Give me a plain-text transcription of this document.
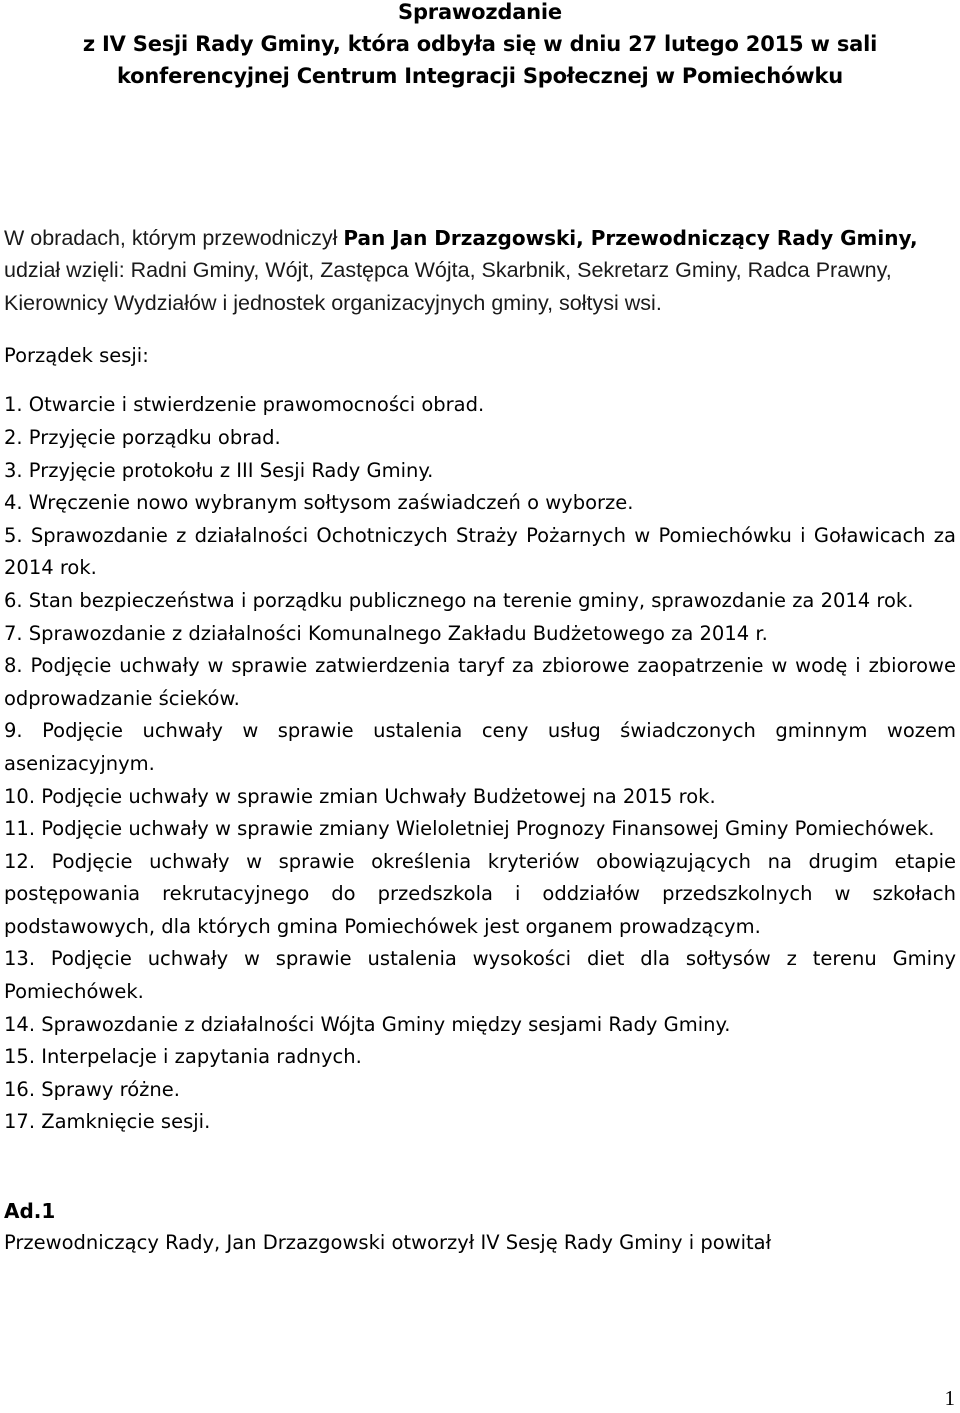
Sprawozdanie
z IV Sesji Rady Gminy, która odbyła się w dniu 27 lutego 2015 w sali
konferencyjnej Centrum Integracji Społecznej w Pomiechówku

W obradach, którym przewodniczył Pan Jan Drzazgowski, Przewodniczący Rady Gminy, udział wzięli: Radni Gminy, Wójt, Zastępca Wójta, Skarbnik, Sekretarz Gminy, Radca Prawny, Kierownicy Wydziałów i jednostek organizacyjnych gminy, sołtysi wsi.

Porządek sesji:
1. Otwarcie i stwierdzenie prawomocności obrad.
2. Przyjęcie porządku obrad.
3. Przyjęcie protokołu z III Sesji Rady Gminy.
4. Wręczenie nowo wybranym sołtysom zaświadczeń o wyborze.
5. Sprawozdanie z działalności Ochotniczych Straży Pożarnych w Pomiechówku i Goławicach za 2014 rok.
6. Stan bezpieczeństwa i porządku publicznego na terenie gminy, sprawozdanie za 2014 rok.
7. Sprawozdanie z działalności Komunalnego Zakładu Budżetowego za 2014 r.
8. Podjęcie uchwały w sprawie zatwierdzenia taryf za zbiorowe zaopatrzenie w wodę i zbiorowe odprowadzanie ścieków.
9. Podjęcie uchwały w sprawie ustalenia ceny usług świadczonych gminnym wozem asenizacyjnym.
10. Podjęcie uchwały w sprawie zmian Uchwały Budżetowej na 2015 rok.
11. Podjęcie uchwały w sprawie zmiany Wieloletniej Prognozy Finansowej Gminy Pomiechówek.
12. Podjęcie uchwały w sprawie określenia kryteriów obowiązujących na drugim etapie postępowania rekrutacyjnego do przedszkola i oddziałów przedszkolnych w szkołach podstawowych, dla których gmina Pomiechówek jest organem prowadzącym.
13. Podjęcie uchwały w sprawie ustalenia wysokości diet dla sołtysów z terenu Gminy Pomiechówek.
14. Sprawozdanie z działalności Wójta Gminy między sesjami Rady Gminy.
15. Interpelacje i zapytania radnych.
16. Sprawy różne.
17. Zamknięcie sesji.
Ad.1
Przewodniczący Rady, Jan Drzazgowski otworzył IV Sesję Rady Gminy i powitał
1
